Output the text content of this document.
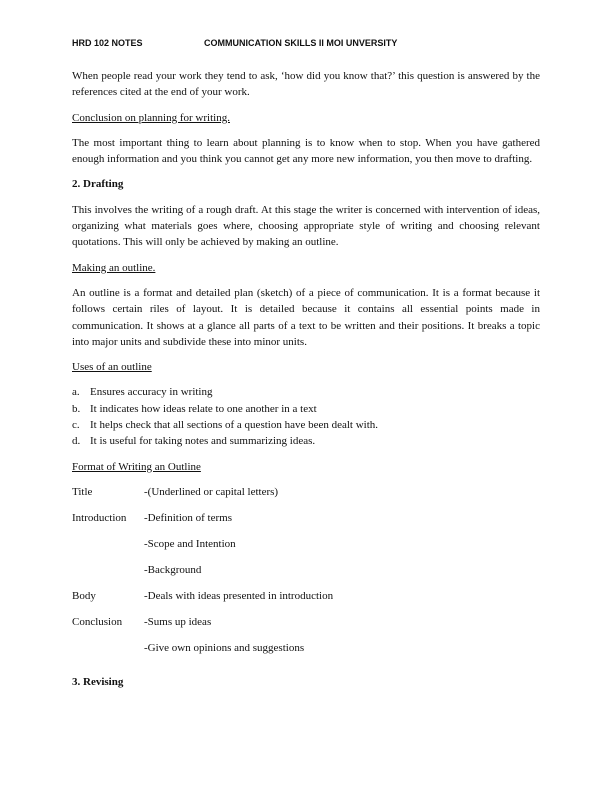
HRD 102 NOTES	COMMUNICATION SKILLS II MOI UNVERSITY

When people read your work they tend to ask, ‘how did you know that?’ this question is answered by the references cited at the end of your work.

Conclusion on planning for writing.

The most important thing to learn about planning is to know when to stop. When you have gathered enough information and you think you cannot get any more new information, you then move to drafting.

2. Drafting

This involves the writing of a rough draft. At this stage the writer is concerned with intervention of ideas, organizing what materials goes where, choosing appropriate style of writing and choosing relevant quotations. This will only be achieved by making an outline.

Making an outline.

An outline is a format and detailed plan (sketch) of a piece of communication. It is a format because it follows certain riles of layout. It is detailed because it contains all essential points made in communication. It shows at a glance all parts of a text to be written and their positions. It breaks a topic into major units and subdivide these into minor units.

Uses of an outline
a. Ensures accuracy in writing
b. It indicates how ideas relate to one another in a text
c. It helps check that all sections of a question have been dealt with.
d. It is useful for taking notes and summarizing ideas.
Format of Writing an Outline
Title	-(Underlined or capital letters)
Introduction	-Definition of terms
-Scope and Intention
-Background
Body	-Deals with ideas presented in introduction
Conclusion	-Sums up ideas
-Give own opinions and suggestions
3. Revising
